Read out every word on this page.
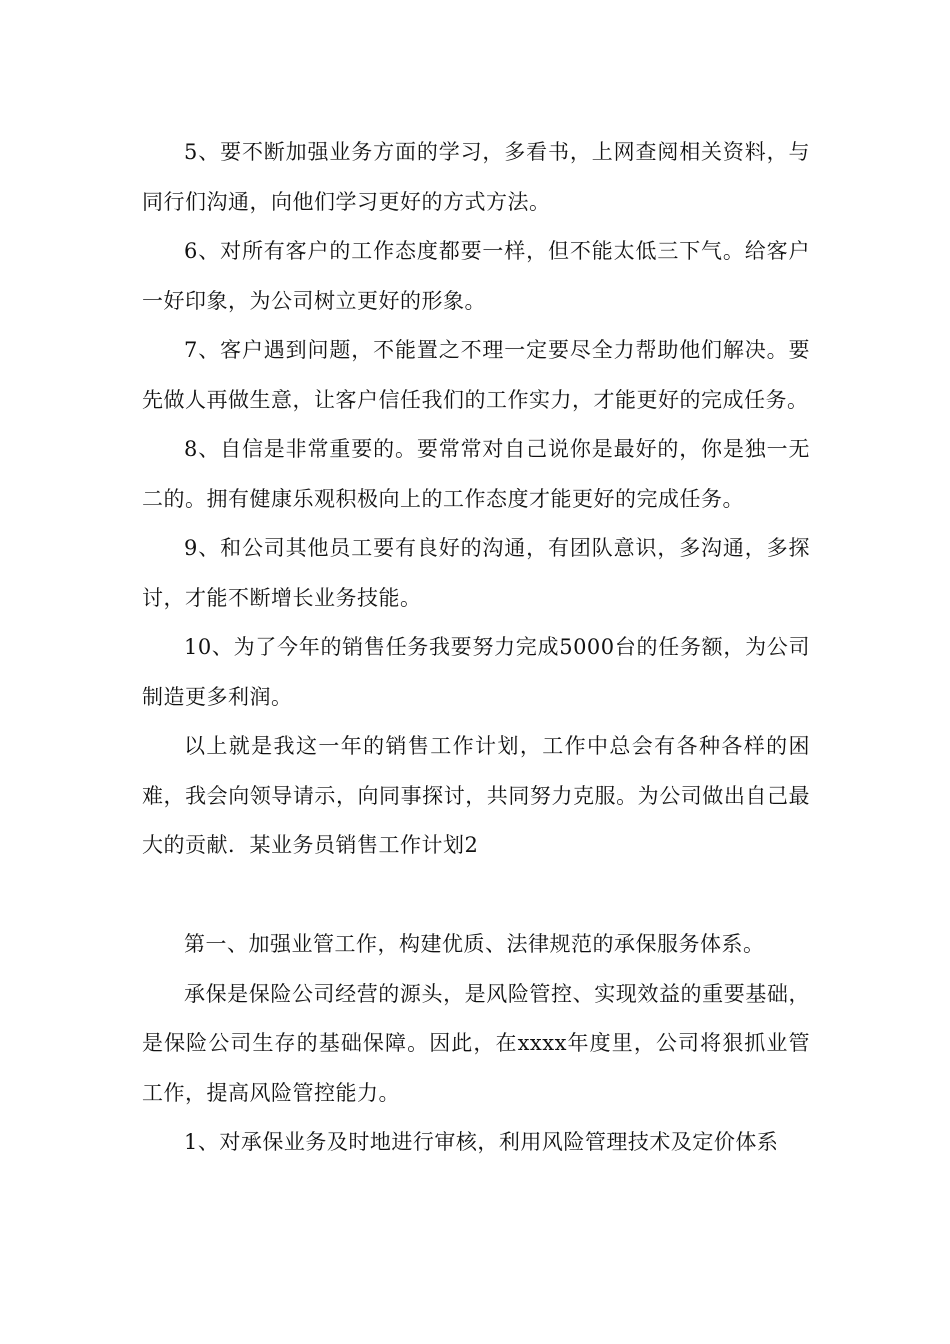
5、要不断加强业务方面的学习，多看书，上网查阅相关资料，与同行们沟通，向他们学习更好的方式方法。

6、对所有客户的工作态度都要一样，但不能太低三下气。给客户一好印象，为公司树立更好的形象。

7、客户遇到问题，不能置之不理一定要尽全力帮助他们解决。要先做人再做生意，让客户信任我们的工作实力，才能更好的完成任务。

8、自信是非常重要的。要常常对自己说你是最好的，你是独一无二的。拥有健康乐观积极向上的工作态度才能更好的完成任务。

9、和公司其他员工要有良好的沟通，有团队意识，多沟通，多探讨，才能不断增长业务技能。

10、为了今年的销售任务我要努力完成5000台的任务额，为公司制造更多利润。

以上就是我这一年的销售工作计划，工作中总会有各种各样的困难，我会向领导请示，向同事探讨，共同努力克服。为公司做出自己最大的贡献．某业务员销售工作计划2

第一、加强业管工作，构建优质、法律规范的承保服务体系。

承保是保险公司经营的源头，是风险管控、实现效益的重要基础，是保险公司生存的基础保障。因此，在xxxx年度里，公司将狠抓业管工作，提高风险管控能力。

1、对承保业务及时地进行审核，利用风险管理技术及定价体系
